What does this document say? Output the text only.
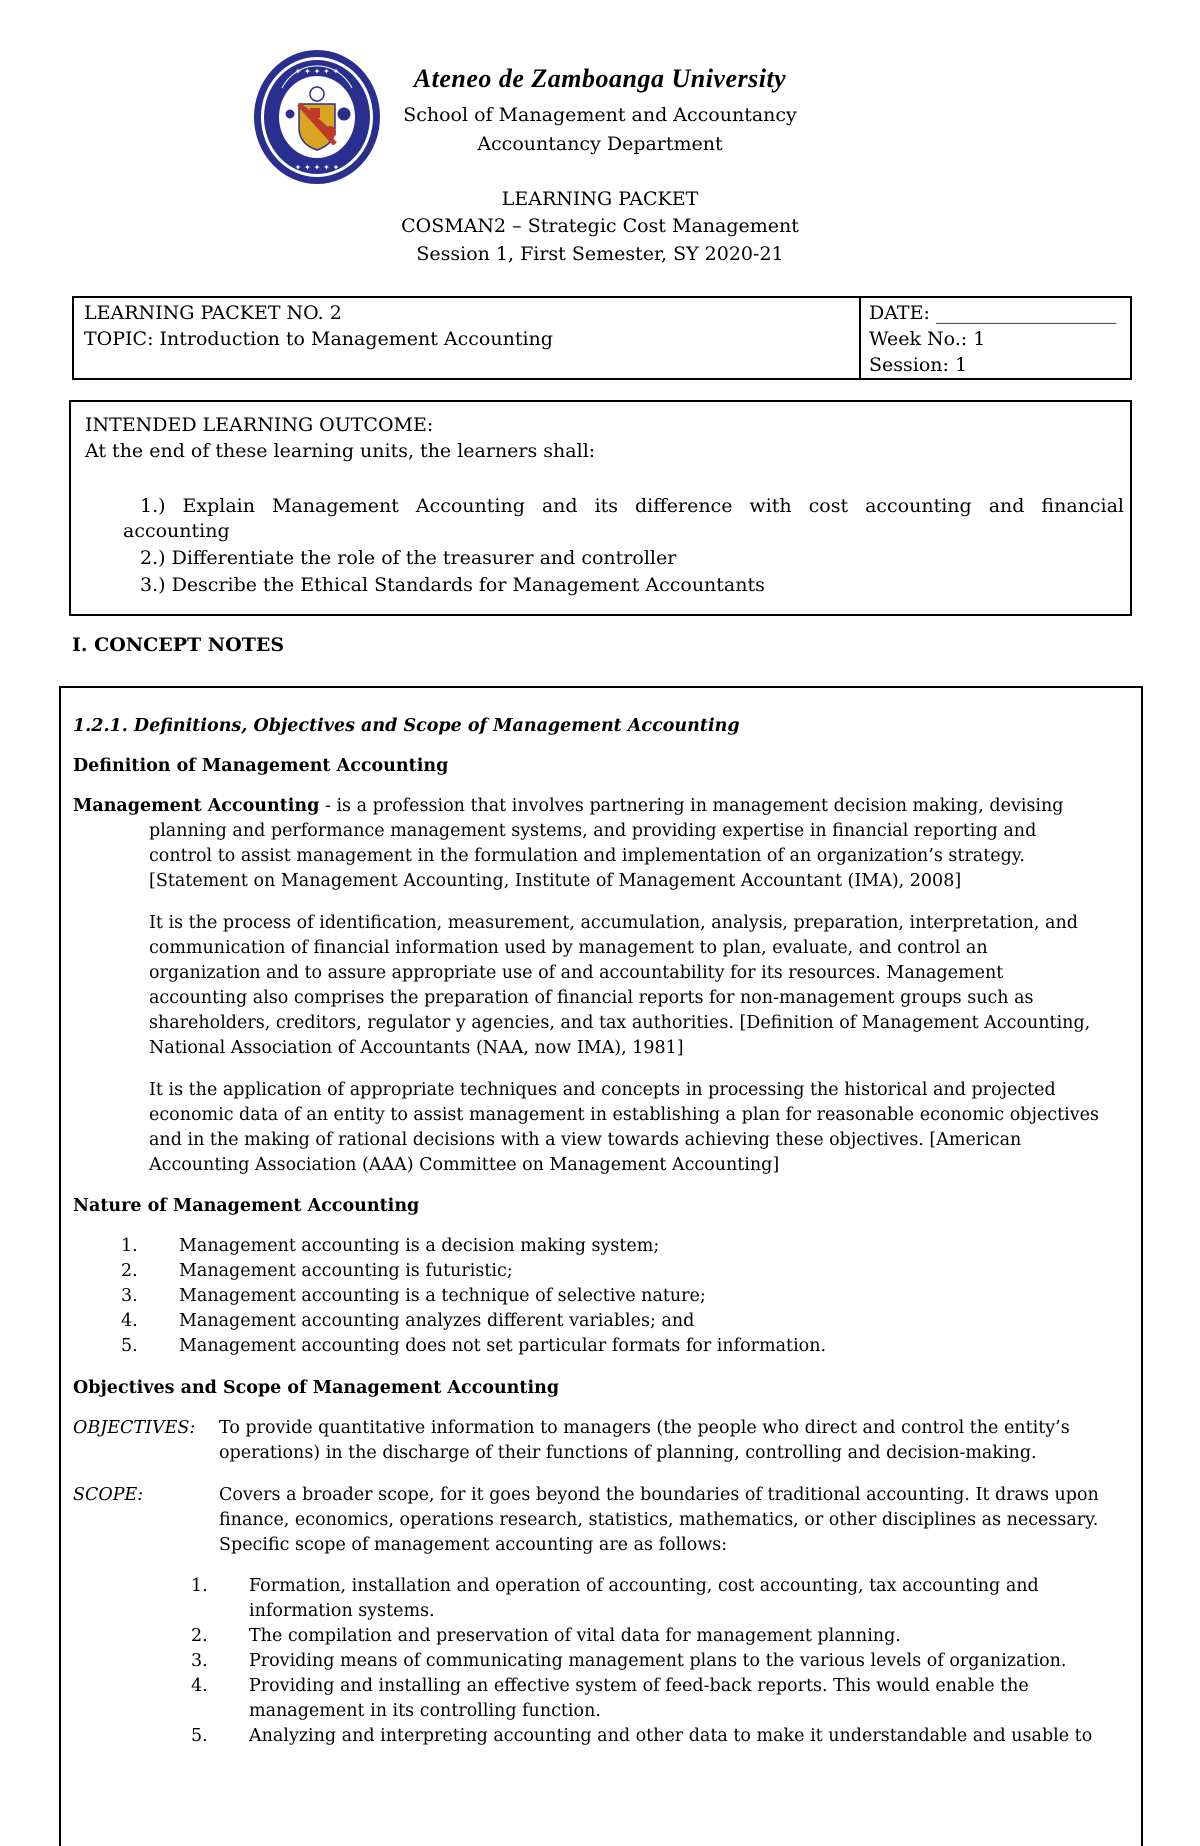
✦ ✦ ✦ ✦ ✦
✦ ✦ ✦ ✦ ✦
Ateneo de Zamboanga University
School of Management and Accountancy
Accountancy Department
LEARNING PACKET
COSMAN2 – Strategic Cost Management
Session 1, First Semester, SY 2020-21
LEARNING PACKET NO. 2
TOPIC: Introduction to Management Accounting
DATE: ___________________
Week No.: 1
Session: 1
INTENDED LEARNING OUTCOME:
At the end of these learning units, the learners shall:
1.) Explain Management Accounting and its difference with cost accounting and financial
accounting
2.) Differentiate the role of the treasurer and controller
3.) Describe the Ethical Standards for Management Accountants
I. CONCEPT NOTES
1.2.1. Definitions, Objectives and Scope of Management Accounting
Definition of Management Accounting
Management Accounting - is a profession that involves partnering in management decision making, devising
planning and performance management systems, and providing expertise in financial reporting and
control to assist management in the formulation and implementation of an organization’s strategy.
[Statement on Management Accounting, Institute of Management Accountant (IMA), 2008]
It is the process of identification, measurement, accumulation, analysis, preparation, interpretation, and
communication of financial information used by management to plan, evaluate, and control an
organization and to assure appropriate use of and accountability for its resources. Management
accounting also comprises the preparation of financial reports for non-management groups such as
shareholders, creditors, regulator y agencies, and tax authorities. [Definition of Management Accounting,
National Association of Accountants (NAA, now IMA), 1981]
It is the application of appropriate techniques and concepts in processing the historical and projected
economic data of an entity to assist management in establishing a plan for reasonable economic objectives
and in the making of rational decisions with a view towards achieving these objectives. [American
Accounting Association (AAA) Committee on Management Accounting]
Nature of Management Accounting
1. Management accounting is a decision making system;
2. Management accounting is futuristic;
3. Management accounting is a technique of selective nature;
4. Management accounting analyzes different variables; and
5. Management accounting does not set particular formats for information.
Objectives and Scope of Management Accounting
OBJECTIVES: To provide quantitative information to managers (the people who direct and control the entity’s
operations) in the discharge of their functions of planning, controlling and decision-making.
SCOPE:	Covers a broader scope, for it goes beyond the boundaries of traditional accounting. It draws upon
finance, economics, operations research, statistics, mathematics, or other disciplines as necessary.
Specific scope of management accounting are as follows:
1. Formation, installation and operation of accounting, cost accounting, tax accounting and
information systems.
2. The compilation and preservation of vital data for management planning.
3. Providing means of communicating management plans to the various levels of organization.
4. Providing and installing an effective system of feed-back reports. This would enable the
management in its controlling function.
5. Analyzing and interpreting accounting and other data to make it understandable and usable to
